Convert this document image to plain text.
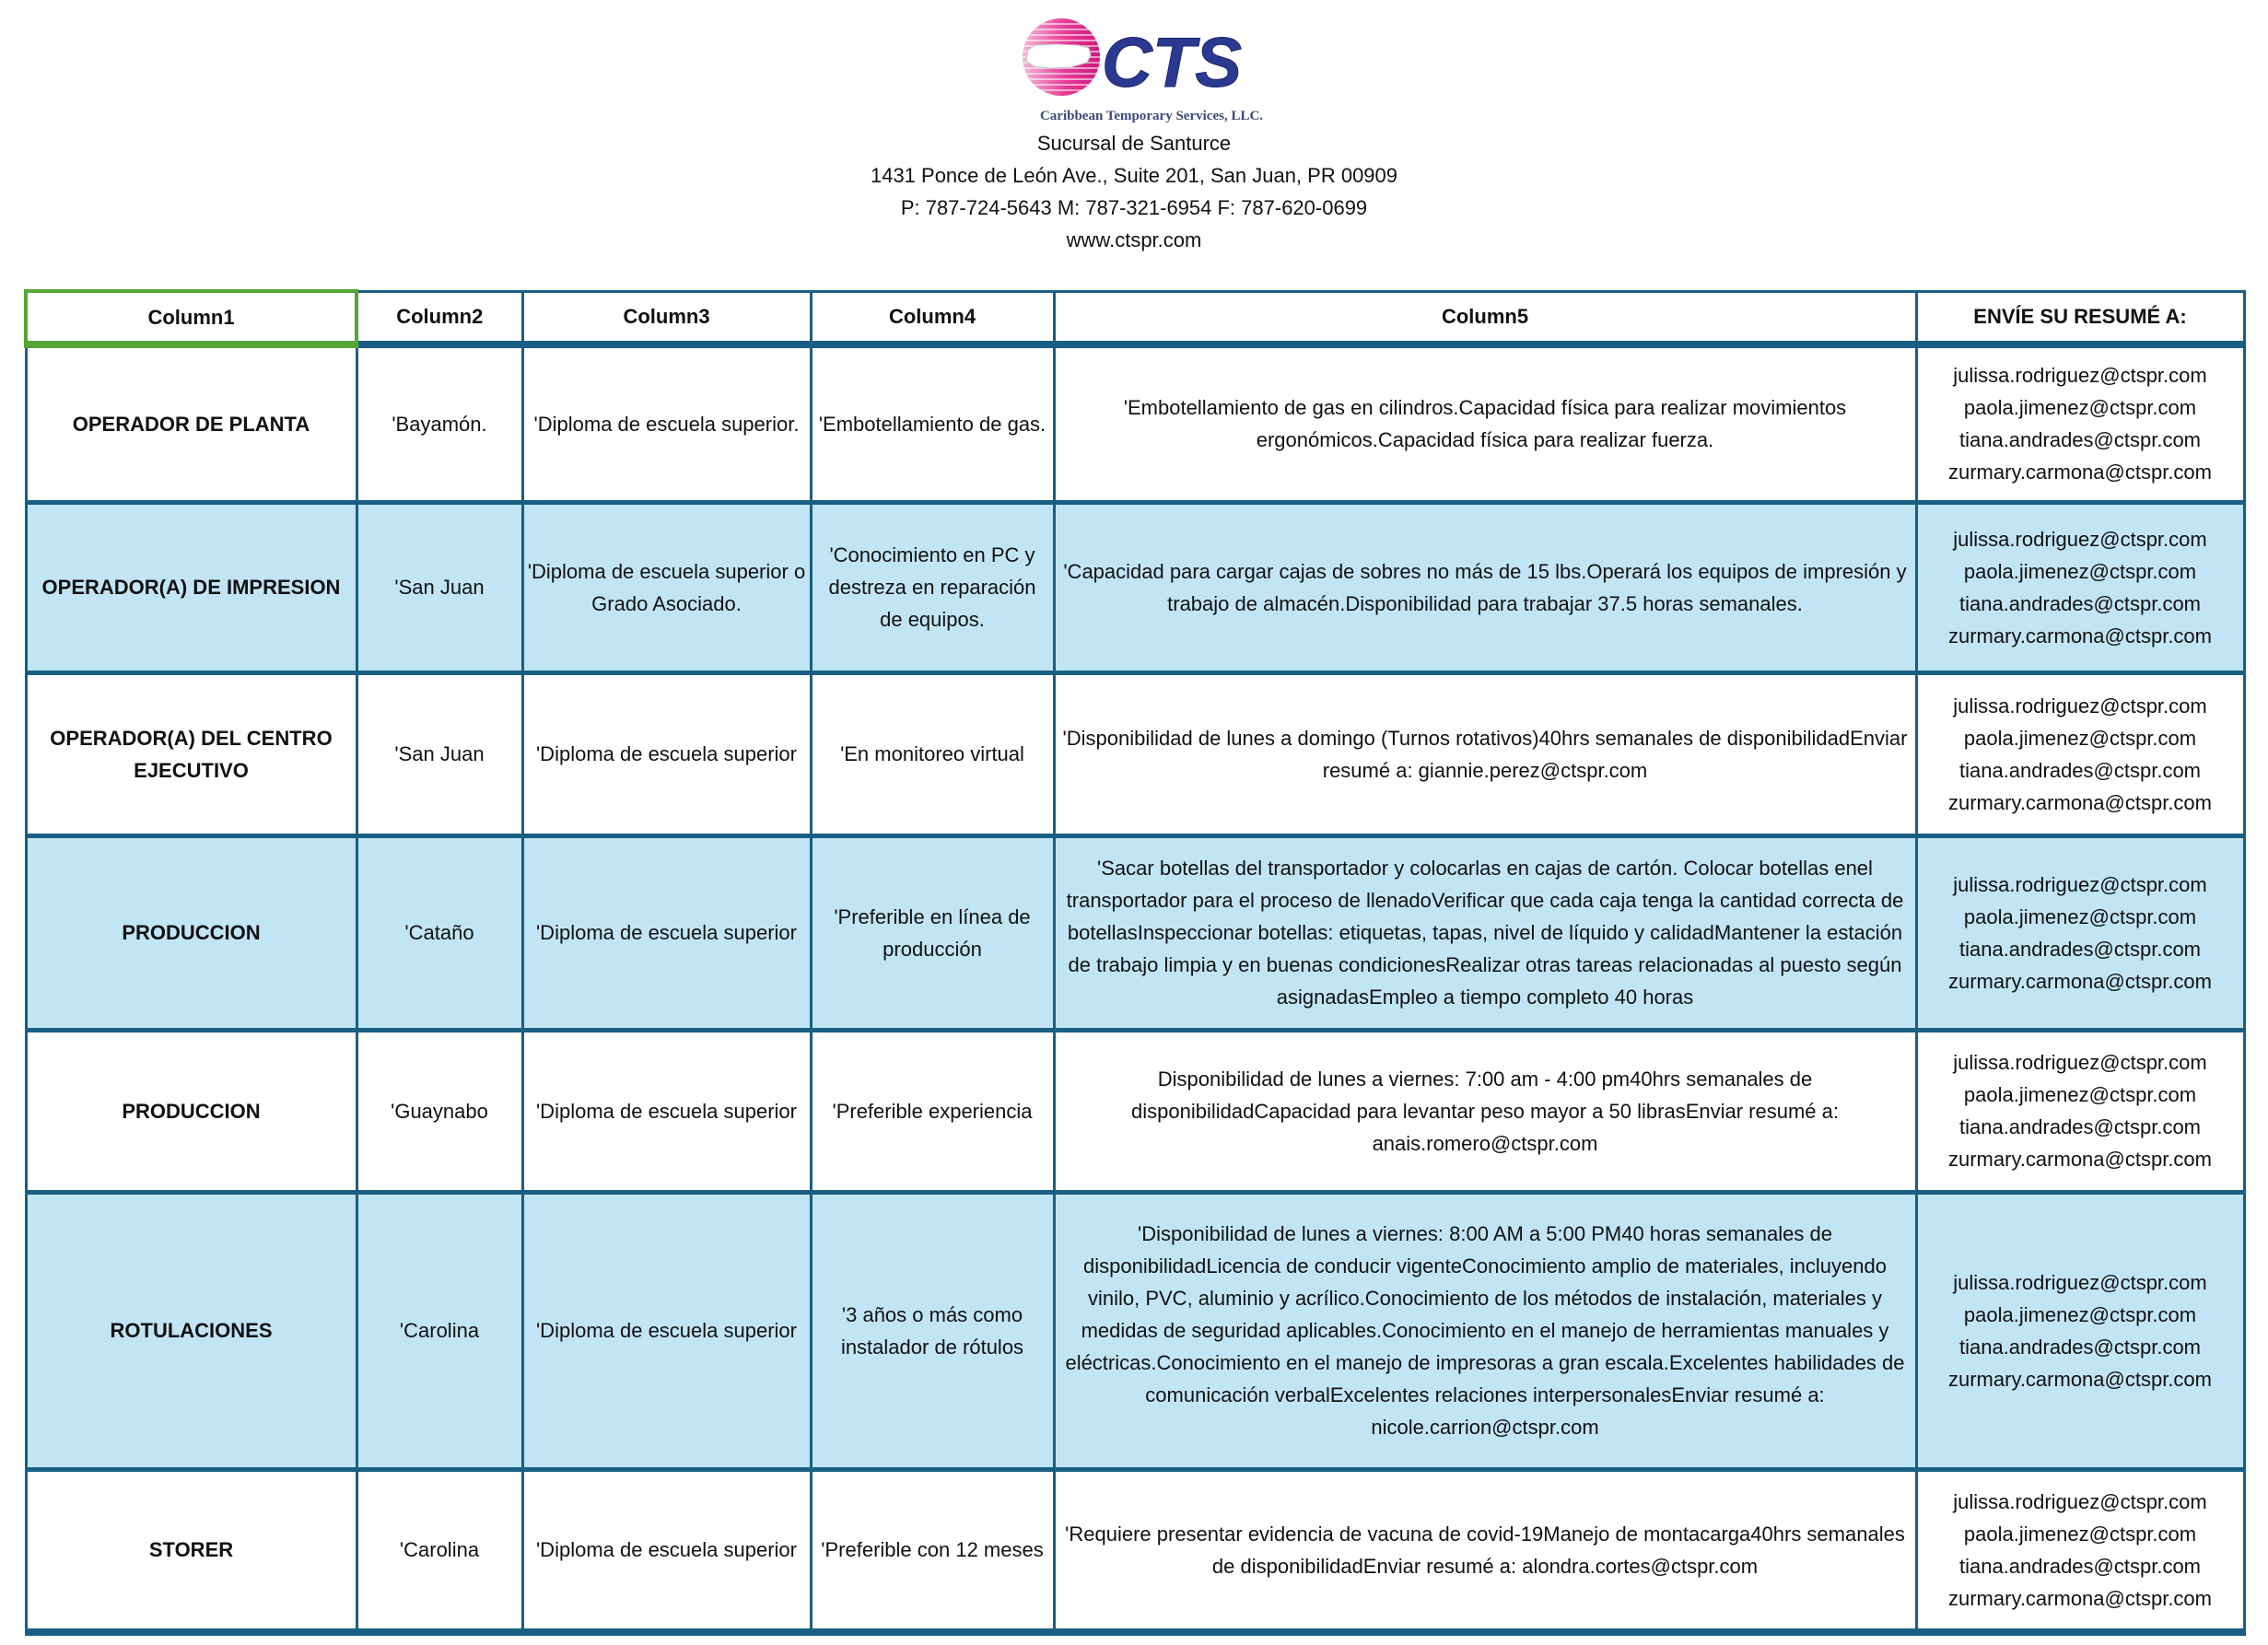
CTS
Caribbean Temporary Services, LLC.
Sucursal de Santurce
1431 Ponce de León Ave., Suite 201, San Juan, PR 00909
P: 787-724-5643 M: 787-321-6954 F: 787-620-0699
www.ctspr.com
Column1	Column2	Column3	Column4	Column5	ENVÍE SU RESUMÉ A:
OPERADOR DE PLANTA	'Bayamón.	'Diploma de escuela superior.	'Embotellamiento de gas.	'Embotellamiento de gas en cilindros.Capacidad física para realizar movimientos ergonómicos.Capacidad física para realizar fuerza.	julissa.rodriguez@ctspr.com
paola.jimenez@ctspr.com
tiana.andrades@ctspr.com
zurmary.carmona@ctspr.com

OPERADOR(A) DE IMPRESION	'San Juan	'Diploma de escuela superior o Grado Asociado.	'Conocimiento en PC y destreza en reparación de equipos.	'Capacidad para cargar cajas de sobres no más de 15 lbs.Operará los equipos de impresión y trabajo de almacén.Disponibilidad para trabajar 37.5 horas semanales.	julissa.rodriguez@ctspr.com
paola.jimenez@ctspr.com
tiana.andrades@ctspr.com
zurmary.carmona@ctspr.com

OPERADOR(A) DEL CENTRO EJECUTIVO	'San Juan	'Diploma de escuela superior	'En monitoreo virtual	'Disponibilidad de lunes a domingo (Turnos rotativos)40hrs semanales de disponibilidadEnviar resumé a: giannie.perez@ctspr.com	julissa.rodriguez@ctspr.com
paola.jimenez@ctspr.com
tiana.andrades@ctspr.com
zurmary.carmona@ctspr.com

PRODUCCION	'Cataño	'Diploma de escuela superior	'Preferible en línea de producción	'Sacar botellas del transportador y colocarlas en cajas de cartón. Colocar botellas enel transportador para el proceso de llenadoVerificar que cada caja tenga la cantidad correcta de botellasInspeccionar botellas: etiquetas, tapas, nivel de líquido y calidadMantener la estación de trabajo limpia y en buenas condicionesRealizar otras tareas relacionadas al puesto según asignadasEmpleo a tiempo completo 40 horas	
julissa.rodriguez@ctspr.com
paola.jimenez@ctspr.com
tiana.andrades@ctspr.com
zurmary.carmona@ctspr.com

PRODUCCION	'Guaynabo	'Diploma de escuela superior	'Preferible experiencia	Disponibilidad de lunes a viernes: 7:00 am - 4:00 pm40hrs semanales de disponibilidadCapacidad para levantar peso mayor a 50 librasEnviar resumé a: anais.romero@ctspr.com	julissa.rodriguez@ctspr.com
paola.jimenez@ctspr.com
tiana.andrades@ctspr.com
zurmary.carmona@ctspr.com

ROTULACIONES	'Carolina	'Diploma de escuela superior	'3 años o más como instalador de rótulos	'Disponibilidad de lunes a viernes: 8:00 AM a 5:00 PM40 horas semanales de disponibilidadLicencia de conducir vigenteConocimiento amplio de materiales, incluyendo vinilo, PVC, aluminio y acrílico.Conocimiento de los métodos de instalación, materiales y medidas de seguridad aplicables.Conocimiento en el manejo de herramientas manuales y eléctricas.Conocimiento en el manejo de impresoras a gran escala.Excelentes habilidades de comunicación verbalExcelentes relaciones interpersonalesEnviar resumé a: nicole.carrion@ctspr.com	
julissa.rodriguez@ctspr.com
paola.jimenez@ctspr.com
tiana.andrades@ctspr.com
zurmary.carmona@ctspr.com

STORER	'Carolina	'Diploma de escuela superior	'Preferible con 12 meses	'Requiere presentar evidencia de vacuna de covid-19Manejo de montacarga40hrs semanales de disponibilidadEnviar resumé a: alondra.cortes@ctspr.com	julissa.rodriguez@ctspr.com
paola.jimenez@ctspr.com
tiana.andrades@ctspr.com
zurmary.carmona@ctspr.com
